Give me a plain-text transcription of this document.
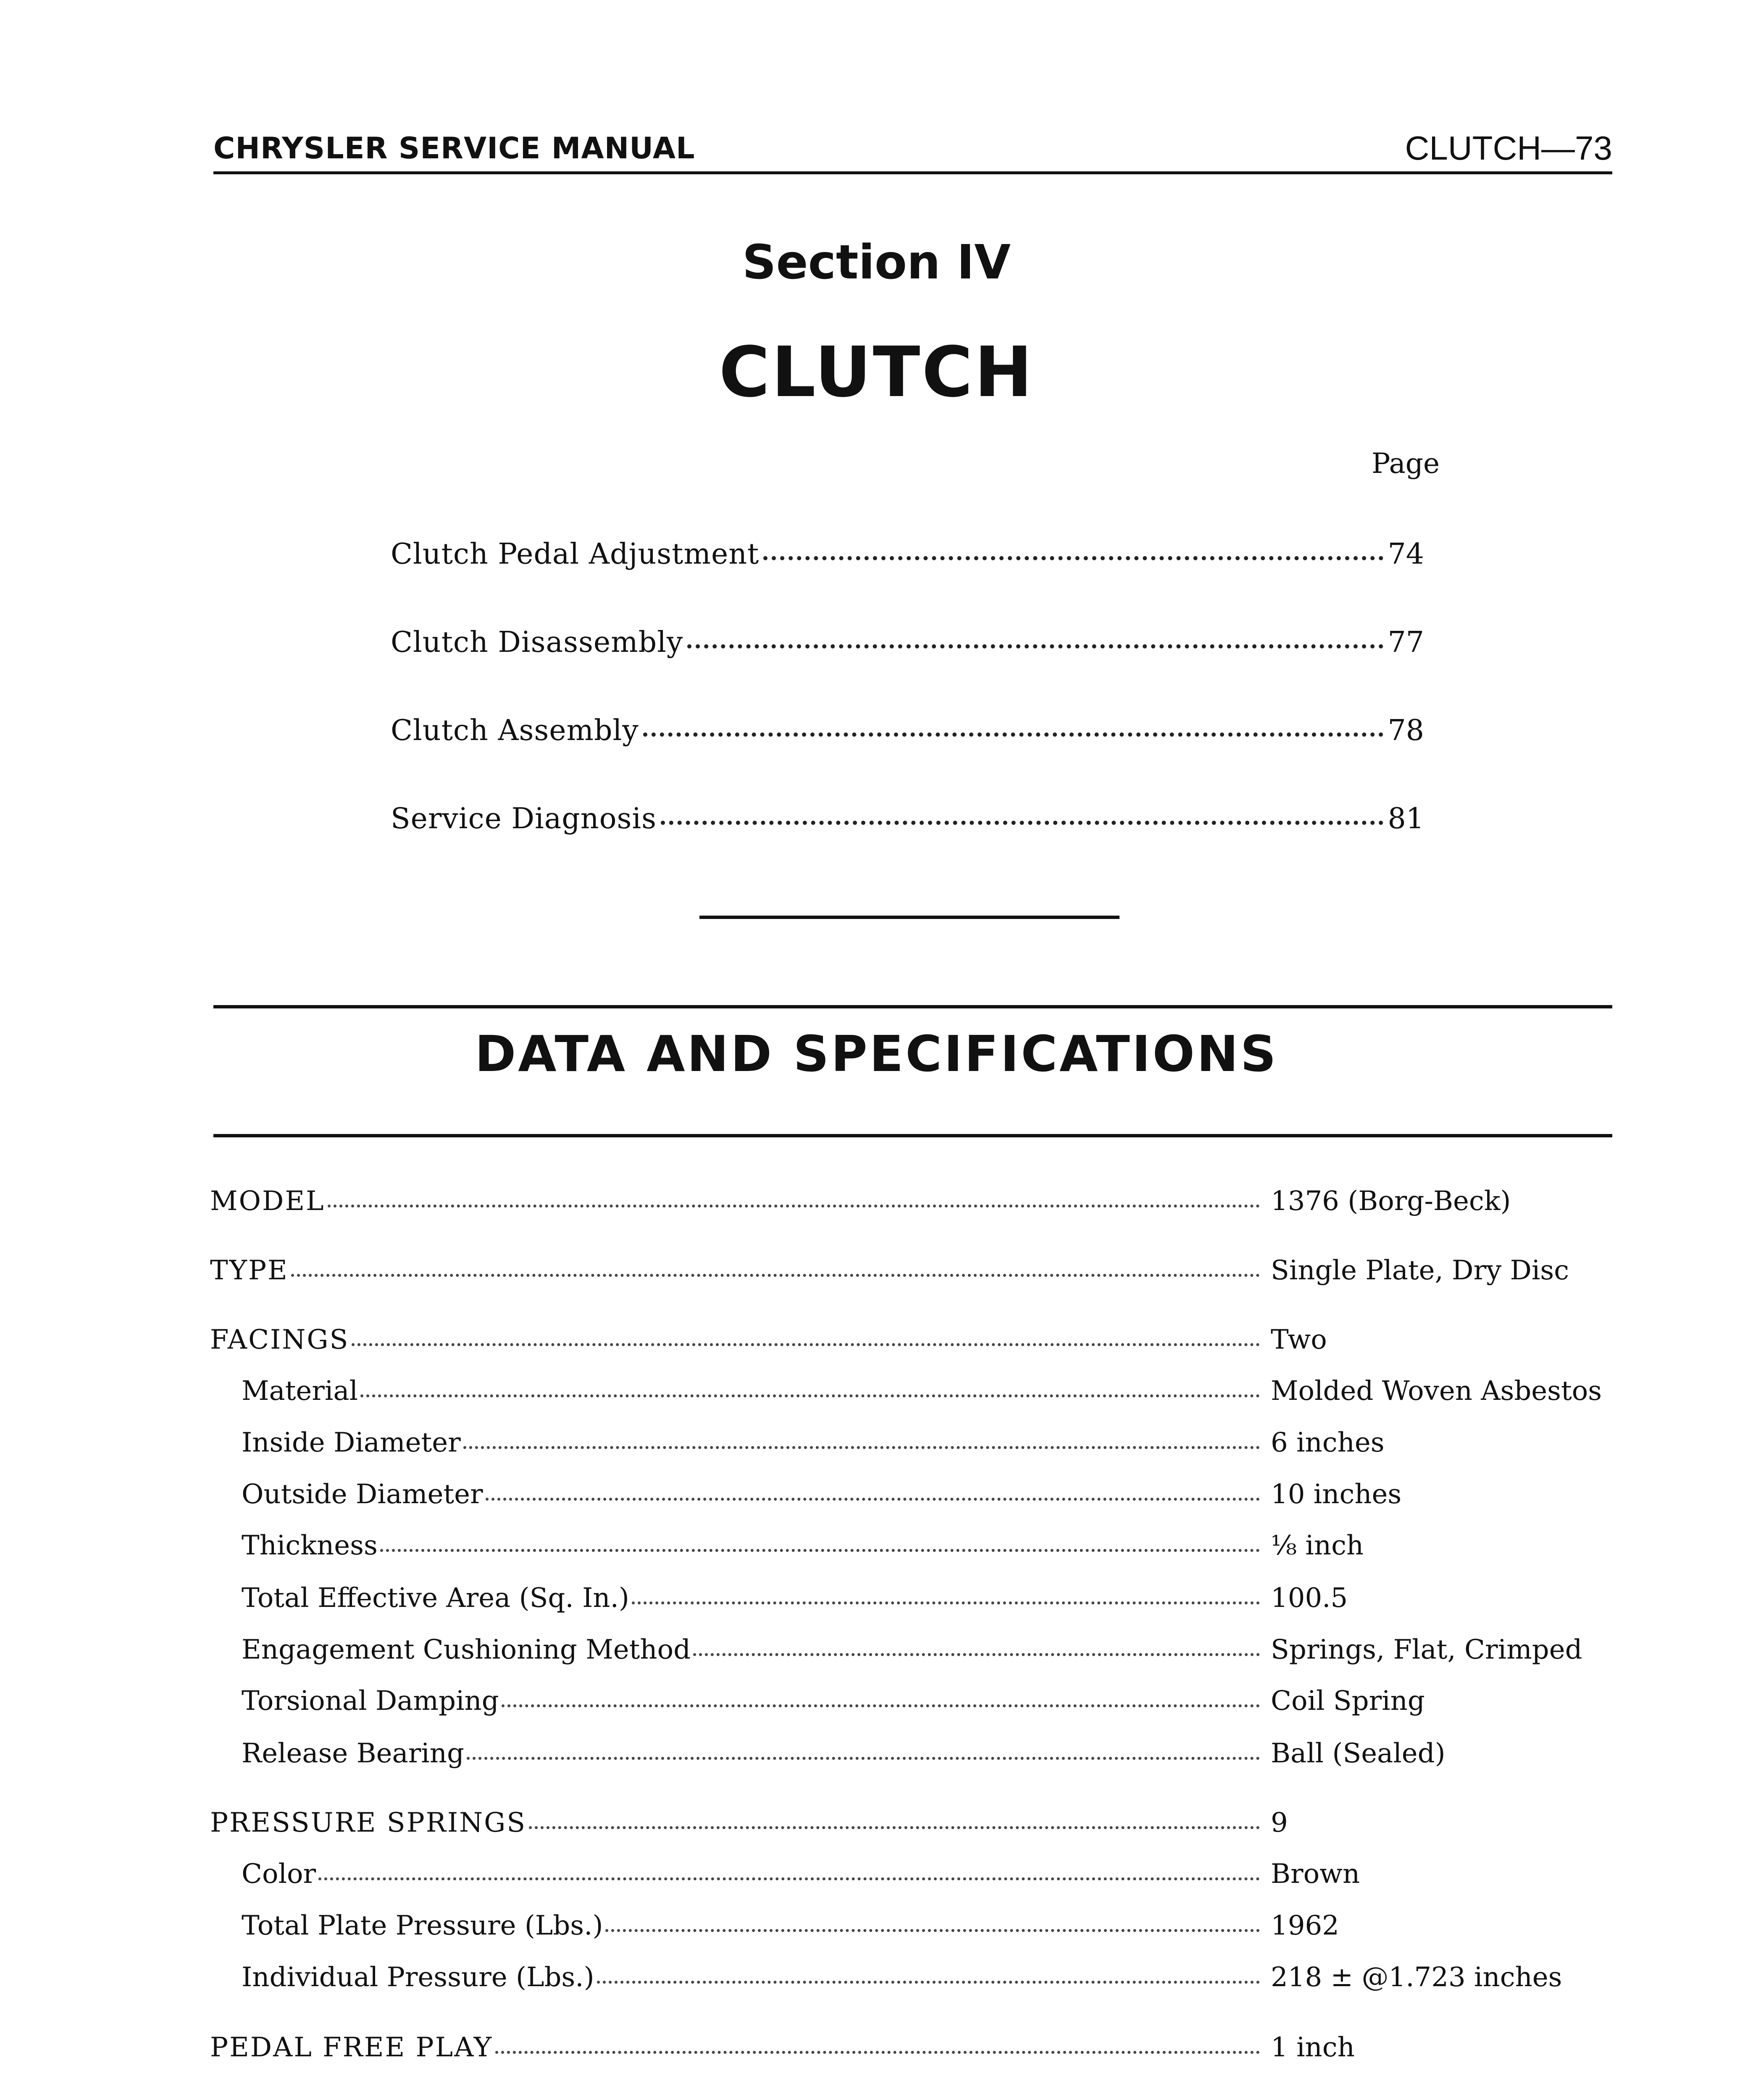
CHRYSLER SERVICE MANUAL	CLUTCH—73
Section IV
CLUTCH
Page
Clutch Pedal Adjustment	74
Clutch Disassembly	77
Clutch Assembly	78
Service Diagnosis	81
DATA AND SPECIFICATIONS
MODEL	1376 (Borg-Beck)
TYPE	Single Plate, Dry Disc
FACINGS	Two
Material	Molded Woven Asbestos
Inside Diameter	6 inches
Outside Diameter	10 inches
Thickness	⅛ inch
Total Effective Area (Sq. In.)	100.5
Engagement Cushioning Method	Springs, Flat, Crimped
Torsional Damping	Coil Spring
Release Bearing	Ball (Sealed)
PRESSURE SPRINGS	9
Color	Brown
Total Plate Pressure (Lbs.)	1962
Individual Pressure (Lbs.)	218 ± @1.723 inches
PEDAL FREE PLAY	1 inch
